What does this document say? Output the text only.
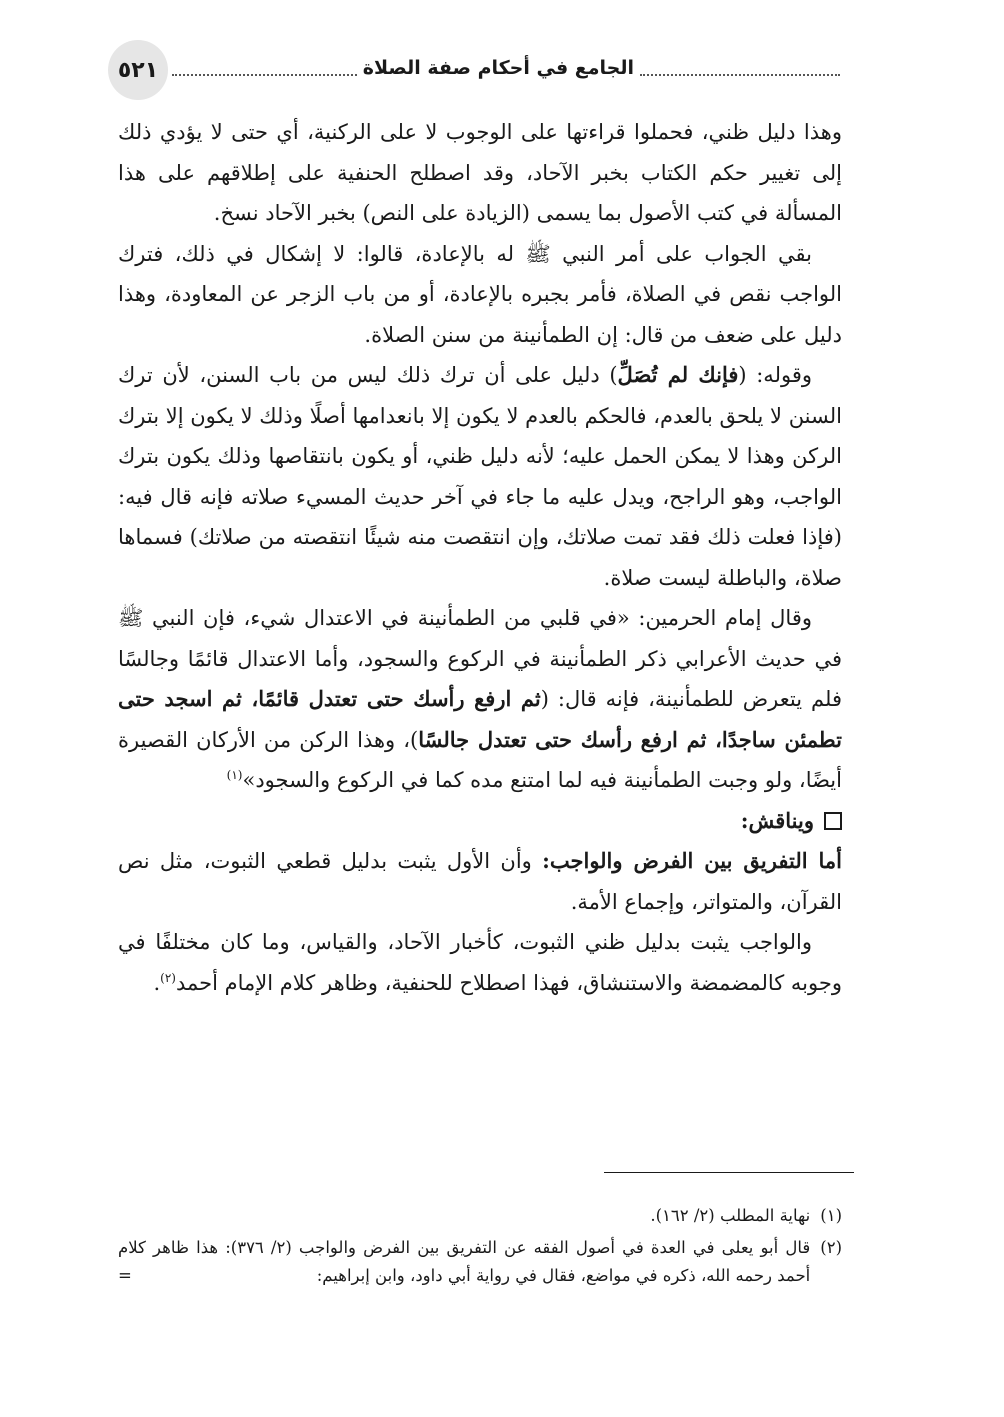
٥٢١	الجامع في أحكام صفة الصلاة

وهذا دليل ظني، فحملوا قراءتها على الوجوب لا على الركنية، أي حتى لا يؤدي ذلك إلى تغيير حكم الكتاب بخبر الآحاد، وقد اصطلح الحنفية على إطلاقهم على هذا المسألة في كتب الأصول بما يسمى (الزيادة على النص) بخبر الآحاد نسخ.

بقي الجواب على أمر النبي ﷺ له بالإعادة، قالوا: لا إشكال في ذلك، فترك الواجب نقص في الصلاة، فأمر بجبره بالإعادة، أو من باب الزجر عن المعاودة، وهذا دليل على ضعف من قال: إن الطمأنينة من سنن الصلاة.

وقوله: (فإنك لم تُصَلِّ) دليل على أن ترك ذلك ليس من باب السنن، لأن ترك السنن لا يلحق بالعدم، فالحكم بالعدم لا يكون إلا بانعدامها أصلًا وذلك لا يكون إلا بترك الركن وهذا لا يمكن الحمل عليه؛ لأنه دليل ظني، أو يكون بانتقاصها وذلك يكون بترك الواجب، وهو الراجح، ويدل عليه ما جاء في آخر حديث المسيء صلاته فإنه قال فيه: (فإذا فعلت ذلك فقد تمت صلاتك، وإن انتقصت منه شيئًا انتقصته من صلاتك) فسماها صلاة، والباطلة ليست صلاة.

وقال إمام الحرمين: «في قلبي من الطمأنينة في الاعتدال شيء، فإن النبي ﷺ في حديث الأعرابي ذكر الطمأنينة في الركوع والسجود، وأما الاعتدال قائمًا وجالسًا فلم يتعرض للطمأنينة، فإنه قال: (ثم ارفع رأسك حتى تعتدل قائمًا، ثم اسجد حتى تطمئن ساجدًا، ثم ارفع رأسك حتى تعتدل جالسًا)، وهذا الركن من الأركان القصيرة أيضًا، ولو وجبت الطمأنينة فيه لما امتنع مده كما في الركوع والسجود»$^{(١)}$

ويناقش:

أما التفريق بين الفرض والواجب: وأن الأول يثبت بدليل قطعي الثبوت، مثل نص القرآن، والمتواتر، وإجماع الأمة.

والواجب يثبت بدليل ظني الثبوت، كأخبار الآحاد، والقياس، وما كان مختلفًا في وجوبه كالمضمضة والاستنشاق، فهذا اصطلاح للحنفية، وظاهر كلام الإمام أحمد$^{(٢)}$.

(١)
نهاية المطلب (٢/ ١٦٢).
(٢)
قال أبو يعلى في العدة في أصول الفقه عن التفريق بين الفرض والواجب (٢/ ٣٧٦): هذا ظاهر كلام أحمد رحمه الله، ذكره في مواضع، فقال في رواية أبي داود، وابن إبراهيم:
=
